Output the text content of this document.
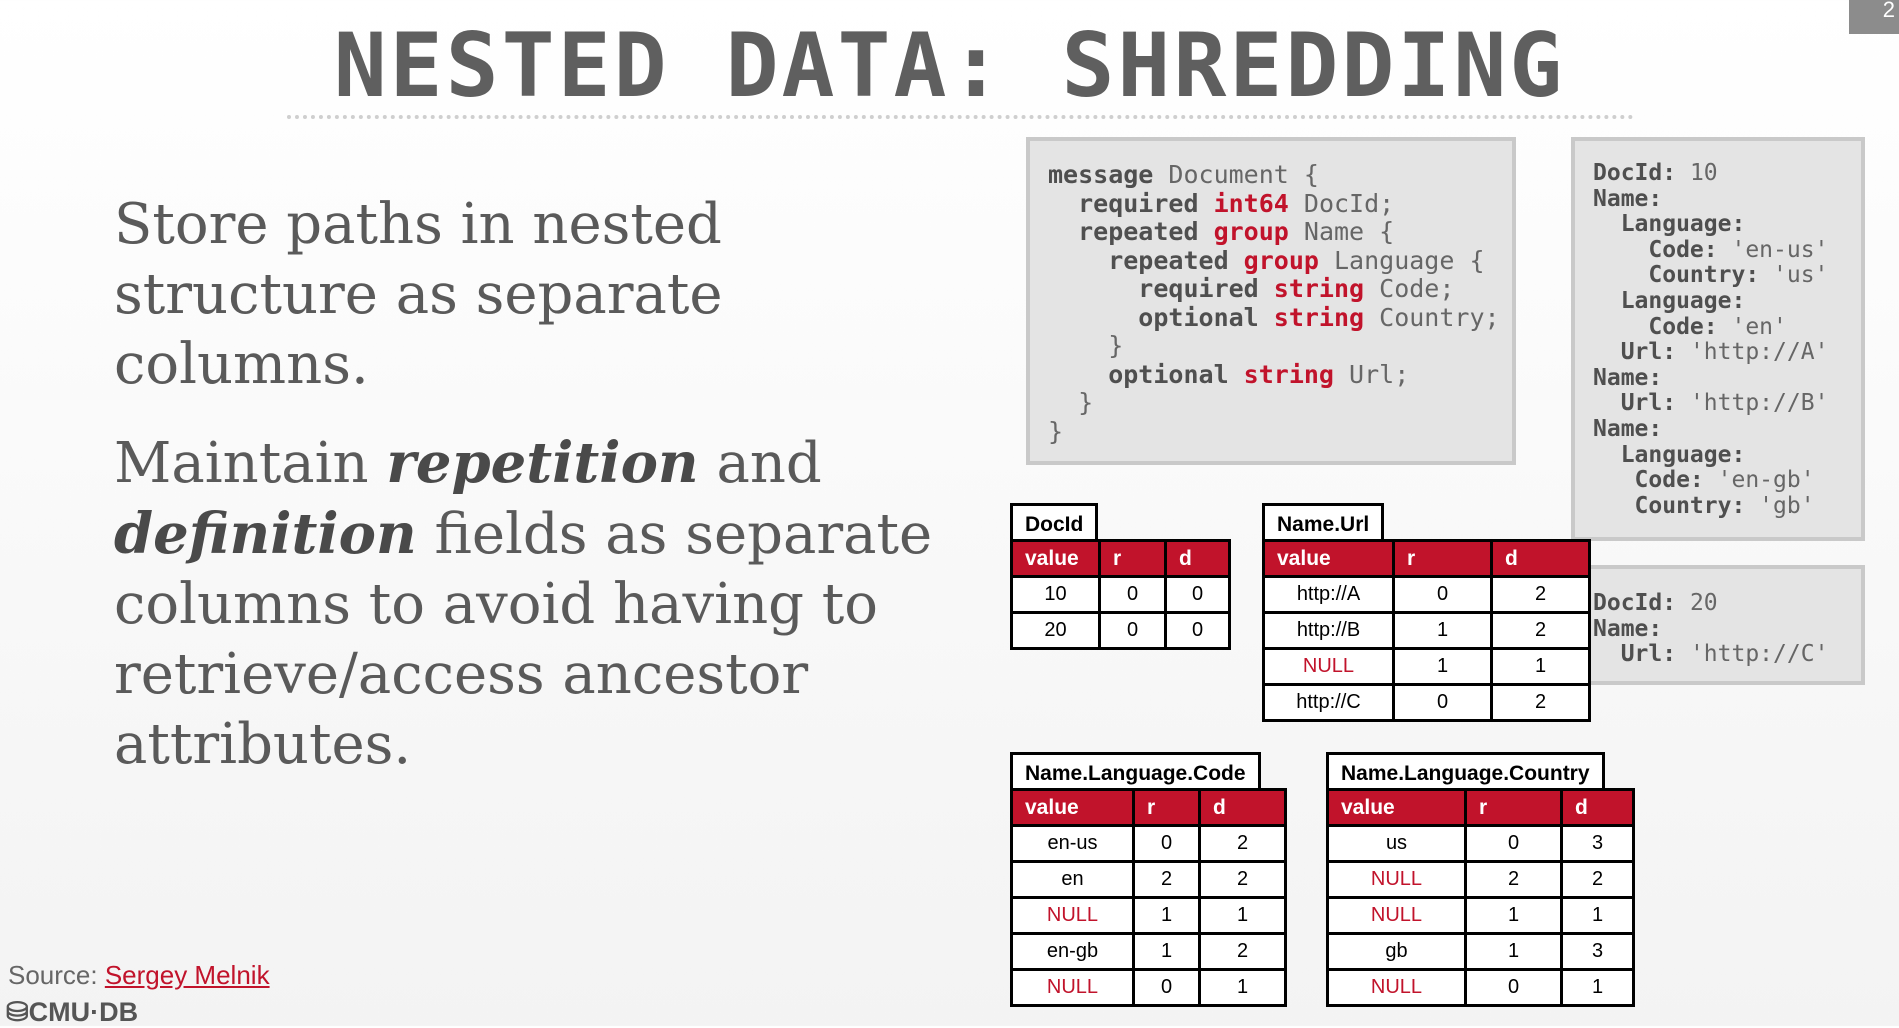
NESTED DATA: SHREDDING
2

Store paths in nested structure as separate columns.

Maintain repetition and definition fields as separate columns to avoid having to retrieve/access ancestor attributes.

message Document {
required int64 DocId;
repeated group Name {
repeated group Language {
required string Code;
optional string Country;
}
optional string Url;
}
}
DocId: 10
Name:
Language:
Code: 'en-us'
Country: 'us'
Language:
Code: 'en'
Url: 'http://A'
Name:
Url: 'http://B'
Name:
Language:
Code: 'en-gb'
Country: 'gb'
DocId: 20
Name:
Url: 'http://C'
DocId
value	r	d
10	0	0
20	0	0
Name.Url
value	r	d
http://A	0	2
http://B	1	2
NULL	1	1
http://C	0	2
Name.Language.Code
value	r	d
en-us	0	2
en	2	2
NULL	1	1
en-gb	1	2
NULL	0	1
Name.Language.Country
value	r	d
us	0	3
NULL	2	2
NULL	1	1
gb	1	3
NULL	0	1
Source: Sergey Melnik
⛁CMU·DB
